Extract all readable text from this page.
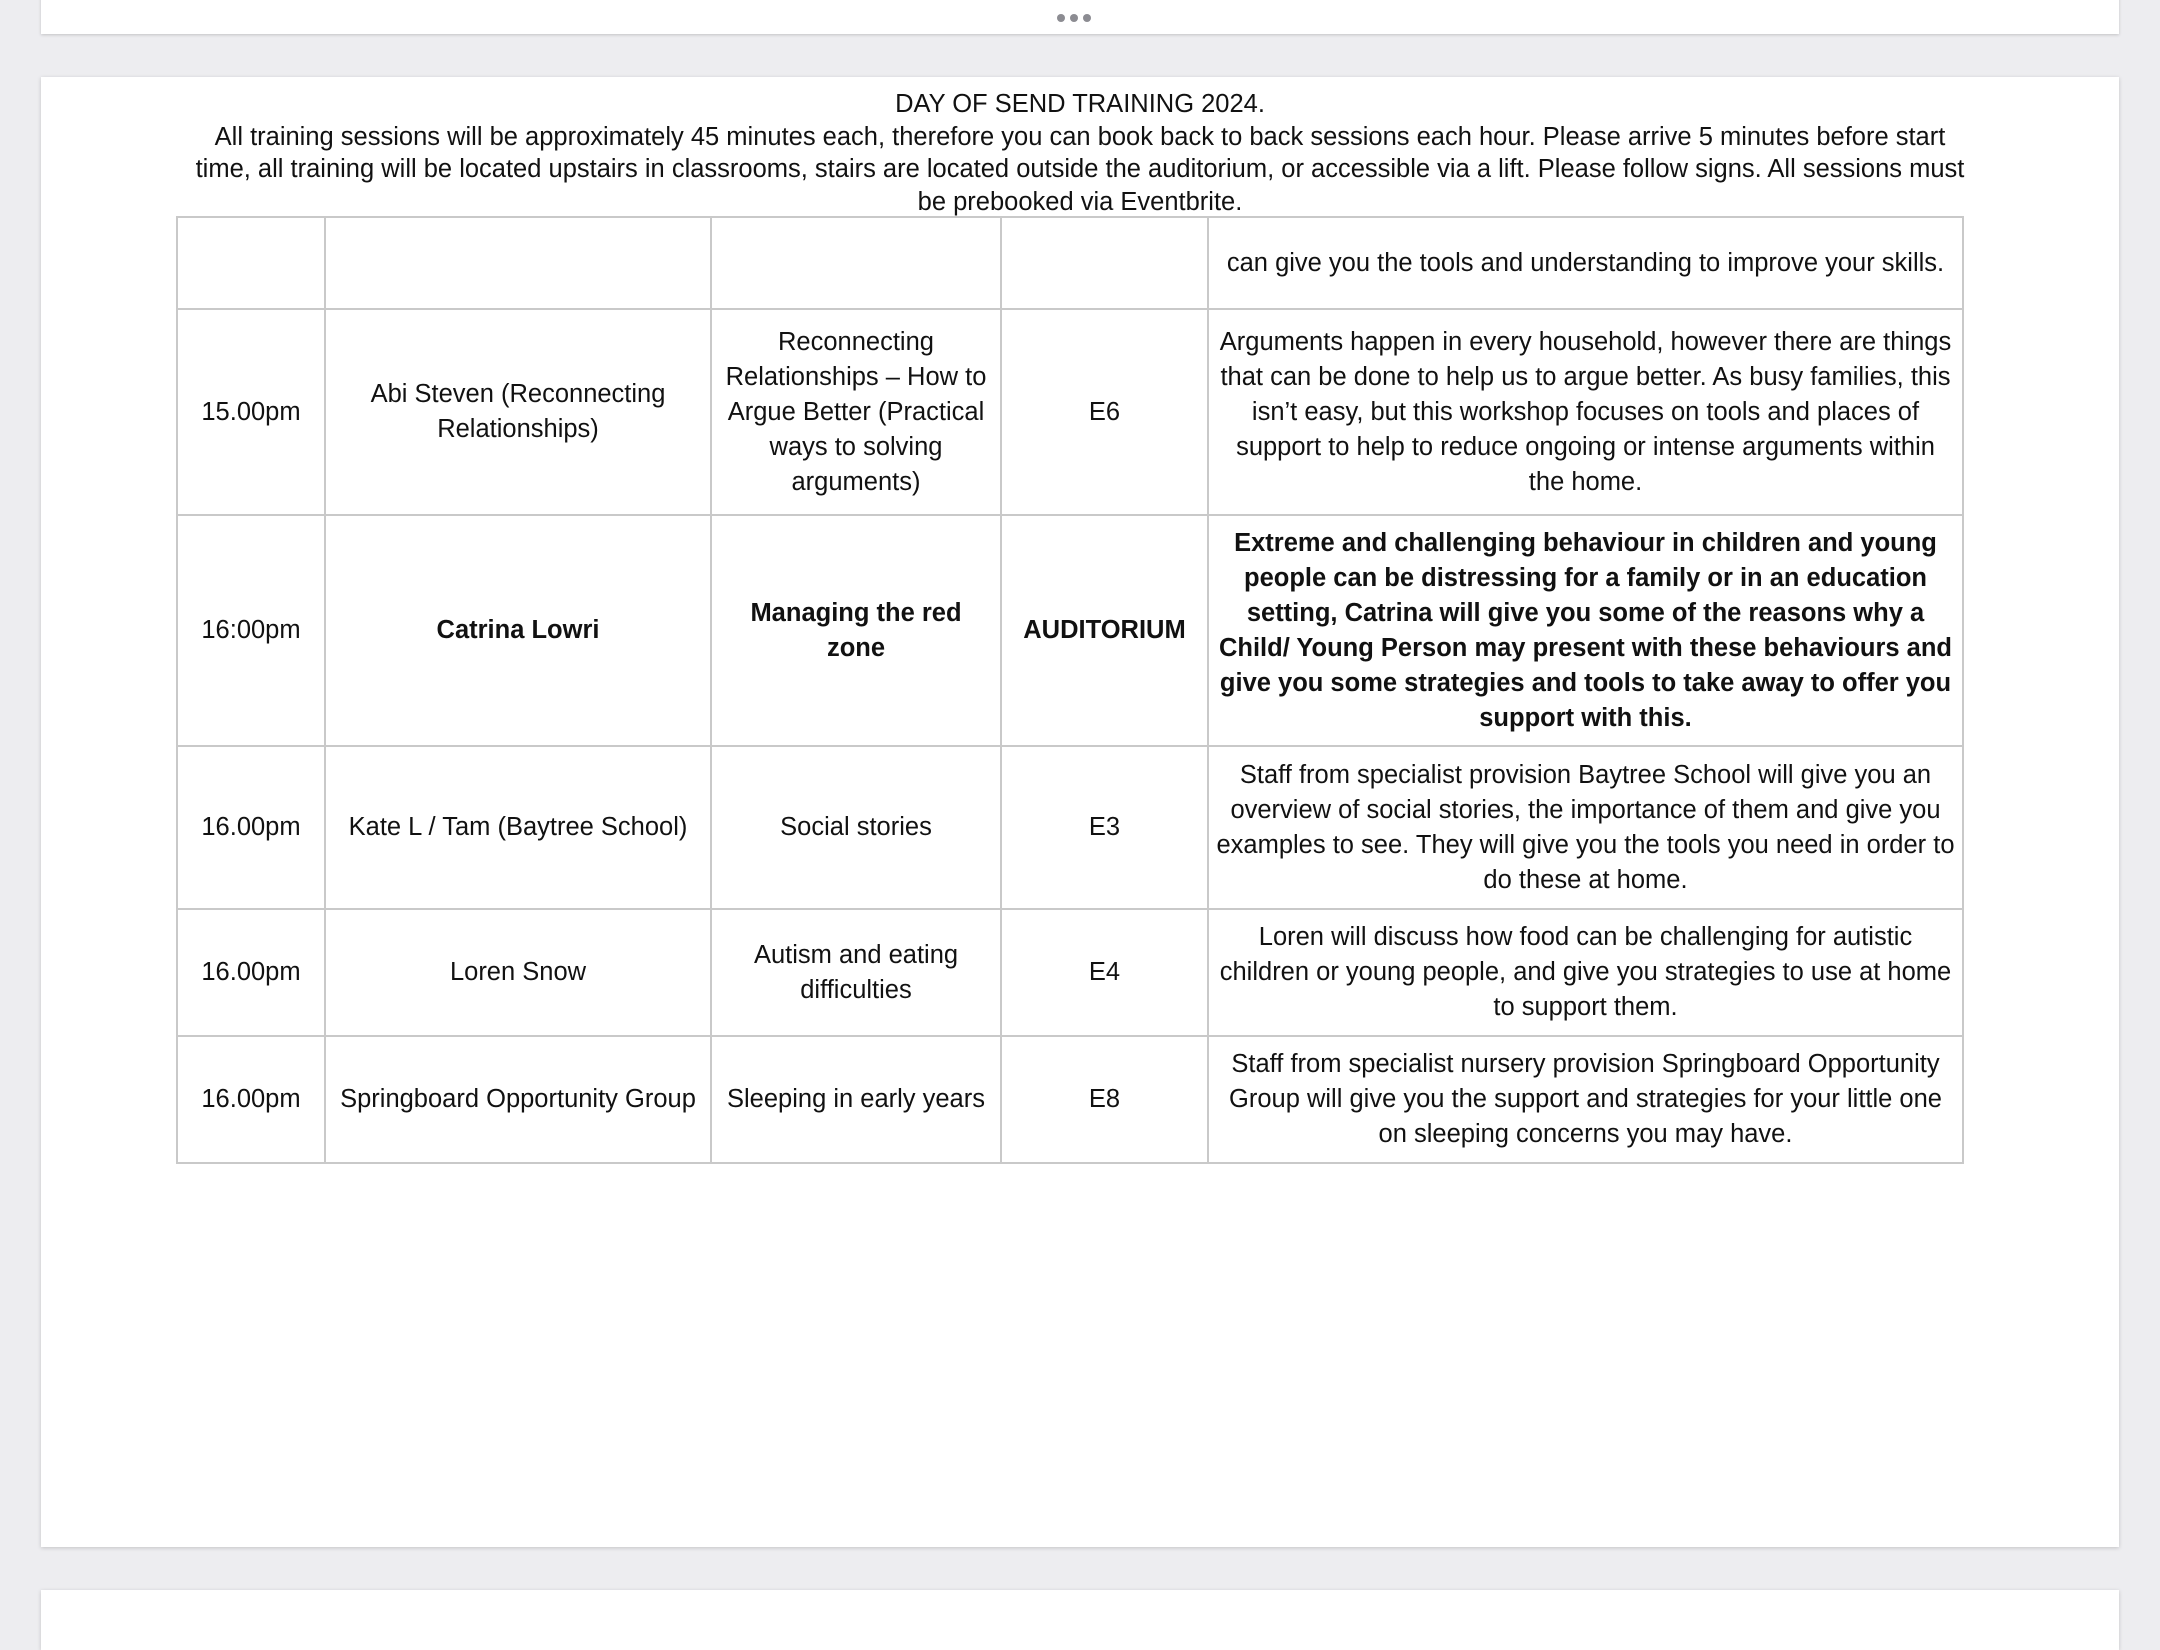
DAY OF SEND TRAINING 2024.

All training sessions will be approximately 45 minutes each, therefore you can book back to back sessions each hour. Please arrive 5 minutes before start time, all training will be located upstairs in classrooms, stairs are located outside the auditorium, or accessible via a lift. Please follow signs. All sessions must be prebooked via Eventbrite.

				can give you the tools and understanding to improve your skills.
15.00pm	Abi Steven (Reconnecting Relationships)	Reconnecting Relationships – How to Argue Better (Practical ways to solving arguments)	E6	Arguments happen in every household, however there are things that can be done to help us to argue better. As busy families, this isn’t easy, but this workshop focuses on tools and places of support to help to reduce ongoing or intense arguments within the home.
16:00pm	Catrina Lowri	Managing the red zone	AUDITORIUM	Extreme and challenging behaviour in children and young people can be distressing for a family or in an education setting, Catrina will give you some of the reasons why a Child/ Young Person may present with these behaviours and give you some strategies and tools to take away to offer you support with this.
16.00pm	Kate L / Tam (Baytree School)	Social stories	E3	Staff from specialist provision Baytree School will give you an overview of social stories, the importance of them and give you examples to see. They will give you the tools you need in order to do these at home.
16.00pm	Loren Snow	Autism and eating difficulties	E4	Loren will discuss how food can be challenging for autistic children or young people, and give you strategies to use at home to support them.
16.00pm	Springboard Opportunity Group	Sleeping in early years	E8	Staff from specialist nursery provision Springboard Opportunity Group will give you the support and strategies for your little one on sleeping concerns you may have.
